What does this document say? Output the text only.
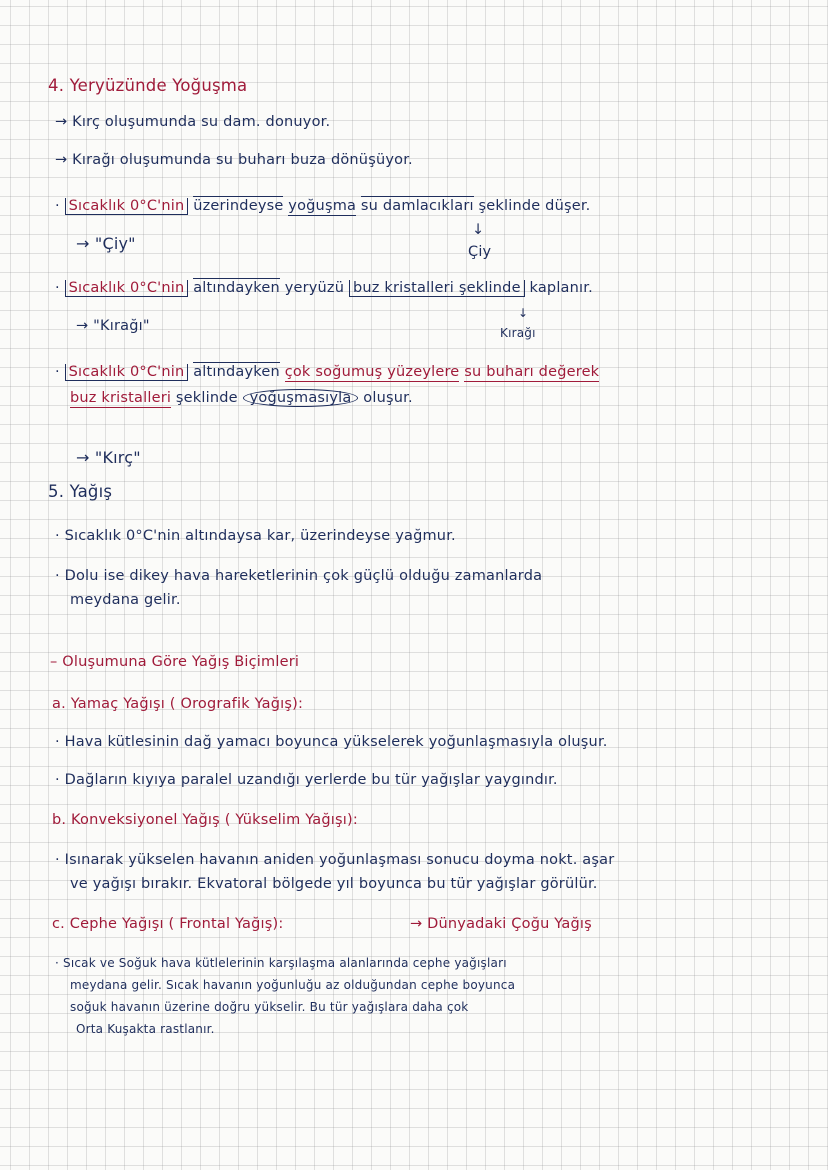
4. Yeryüzünde Yoğuşma
→ Kırç oluşumunda su dam. donuyor.
→ Kırağı oluşumunda su buharı buza dönüşüyor.
· Sıcaklık 0°C'nin üzerindeyse yoğuşma su damlacıkları şeklinde düşer.
→ "Çiy"
↓
Çiy
· Sıcaklık 0°C'nin altındayken yeryüzü buz kristalleri şeklinde kaplanır.
→ "Kırağı"
↓
Kırağı
· Sıcaklık 0°C'nin altındayken çok soğumuş yüzeylere su buharı değerek
buz kristalleri şeklinde yoğuşmasıyla oluşur.
→ "Kırç"
5. Yağış
· Sıcaklık 0°C'nin altındaysa kar, üzerindeyse yağmur.
· Dolu ise dikey hava hareketlerinin çok güçlü olduğu zamanlarda
meydana gelir.
– Oluşumuna Göre Yağış Biçimleri
a. Yamaç Yağışı ( Orografik Yağış):
· Hava kütlesinin dağ yamacı boyunca yükselerek yoğunlaşmasıyla oluşur.
· Dağların kıyıya paralel uzandığı yerlerde bu tür yağışlar yaygındır.
b. Konveksiyonel Yağış ( Yükselim Yağışı):
· Isınarak yükselen havanın aniden yoğunlaşması sonucu doyma nokt. aşar
ve yağışı bırakır. Ekvatoral bölgede yıl boyunca bu tür yağışlar görülür.
c. Cephe Yağışı ( Frontal Yağış):	→ Dünyadaki Çoğu Yağış
· Sıcak ve Soğuk hava kütlelerinin karşılaşma alanlarında cephe yağışları
meydana gelir. Sıcak havanın yoğunluğu az olduğundan cephe boyunca
soğuk havanın üzerine doğru yükselir. Bu tür yağışlara daha çok
Orta Kuşakta rastlanır.
